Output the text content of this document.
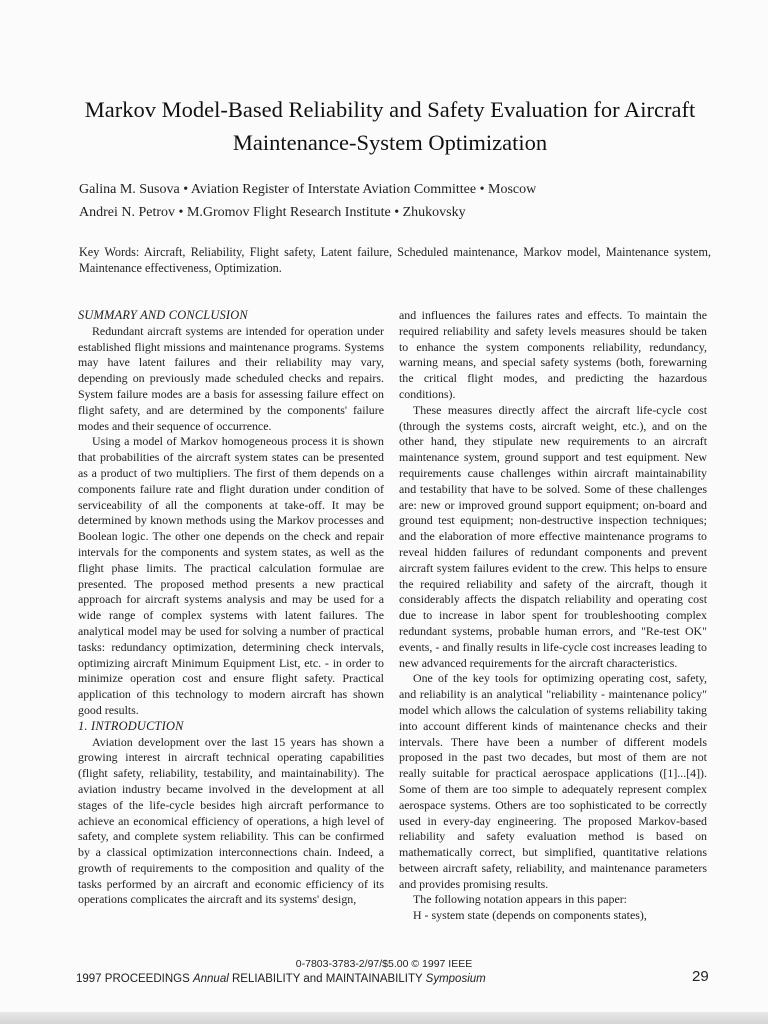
Markov Model-Based Reliability and Safety Evaluation for Aircraft
Maintenance-System Optimization
Galina M. Susova • Aviation Register of Interstate Aviation Committee • Moscow
Andrei N. Petrov • M.Gromov Flight Research Institute • Zhukovsky
Key Words: Aircraft, Reliability, Flight safety, Latent failure, Scheduled maintenance, Markov model, Maintenance system, Maintenance effectiveness, Optimization.

SUMMARY AND CONCLUSION

Redundant aircraft systems are intended for operation under established flight missions and maintenance programs. Systems may have latent failures and their reliability may vary, depending on previously made scheduled checks and repairs. System failure modes are a basis for assessing failure effect on flight safety, and are determined by the components' failure modes and their sequence of occurrence.

Using a model of Markov homogeneous process it is shown that probabilities of the aircraft system states can be presented as a product of two multipliers. The first of them depends on a components failure rate and flight duration under condition of serviceability of all the components at take-off. It may be determined by known methods using the Markov processes and Boolean logic. The other one depends on the check and repair intervals for the components and system states, as well as the flight phase limits. The practical calculation formulae are presented. The proposed method presents a new practical approach for aircraft systems analysis and may be used for a wide range of complex systems with latent failures. The analytical model may be used for solving a number of practical tasks: redundancy optimization, determining check intervals, optimizing aircraft Minimum Equipment List, etc. - in order to minimize operation cost and ensure flight safety. Practical application of this technology to modern aircraft has shown good results.

1. INTRODUCTION

Aviation development over the last 15 years has shown a growing interest in aircraft technical operating capabilities (flight safety, reliability, testability, and maintainability). The aviation industry became involved in the development at all stages of the life-cycle besides high aircraft performance to achieve an economical efficiency of operations, a high level of safety, and complete system reliability. This can be confirmed by a classical optimization interconnections chain. Indeed, a growth of requirements to the composition and quality of the tasks performed by an aircraft and economic efficiency of its operations complicates the aircraft and its systems' design,

and influences the failures rates and effects. To maintain the required reliability and safety levels measures should be taken to enhance the system components reliability, redundancy, warning means, and special safety systems (both, forewarning the critical flight modes, and predicting the hazardous conditions).

These measures directly affect the aircraft life-cycle cost (through the systems costs, aircraft weight, etc.), and on the other hand, they stipulate new requirements to an aircraft maintenance system, ground support and test equipment. New requirements cause challenges within aircraft maintainability and testability that have to be solved. Some of these challenges are: new or improved ground support equipment; on-board and ground test equipment; non-destructive inspection techniques; and the elaboration of more effective maintenance programs to reveal hidden failures of redundant components and prevent aircraft system failures evident to the crew. This helps to ensure the required reliability and safety of the aircraft, though it considerably affects the dispatch reliability and operating cost due to increase in labor spent for troubleshooting complex redundant systems, probable human errors, and "Re-test OK" events, - and finally results in life-cycle cost increases leading to new advanced requirements for the aircraft characteristics.

One of the key tools for optimizing operating cost, safety, and reliability is an analytical "reliability - maintenance policy" model which allows the calculation of systems reliability taking into account different kinds of maintenance checks and their intervals. There have been a number of different models proposed in the past two decades, but most of them are not really suitable for practical aerospace applications ([1]...[4]). Some of them are too simple to adequately represent complex aerospace systems. Others are too sophisticated to be correctly used in every-day engineering. The proposed Markov-based reliability and safety evaluation method is based on mathematically correct, but simplified, quantitative relations between aircraft safety, reliability, and maintenance parameters and provides promising results.

The following notation appears in this paper:

H - system state (depends on components states),

0-7803-3783-2/97/$5.00 © 1997 IEEE
1997 PROCEEDINGS Annual RELIABILITY and MAINTAINABILITY Symposium	29
